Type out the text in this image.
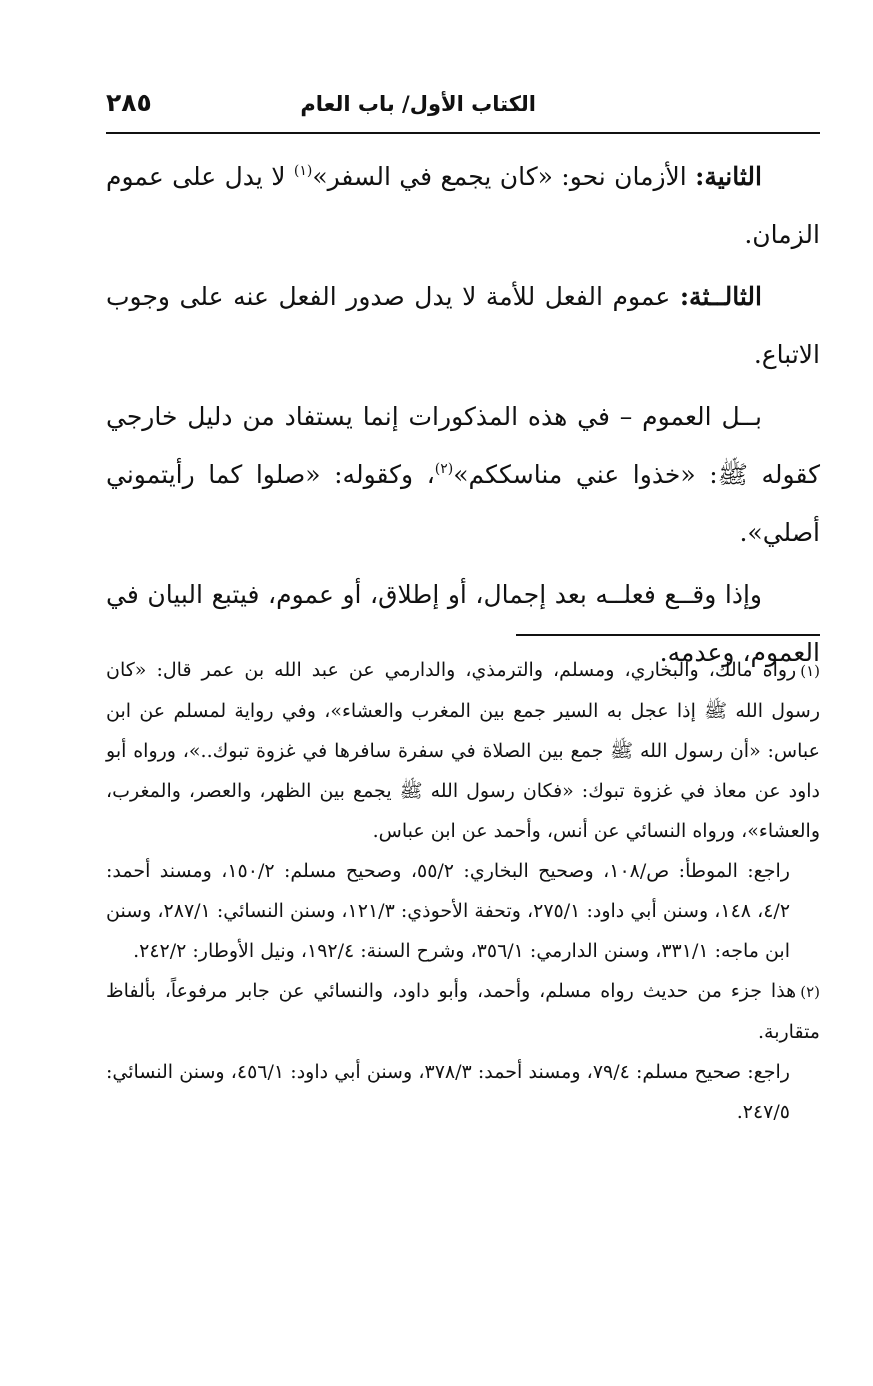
الكتاب الأول/ باب العام
٢٨٥

الثانية: الأزمان نحو: «كان يجمع في السفر»$^{(١)}$ لا يدل على عموم الزمان.

الثالــثة: عموم الفعل للأمة لا يدل صدور الفعل عنه على وجوب الاتباع.

بــل العموم – في هذه المذكورات إنما يستفاد من دليل خارجي كقوله ﷺ: «خذوا عني مناسككم»$^{(٢)}$، وكقوله: «صلوا كما رأيتموني أصلي».

وإذا وقــع فعلــه بعد إجمال، أو إطلاق، أو عموم، فيتبع البيان في العموم، وعدمه.

(١)رواه مالك، والبخاري، ومسلم، والترمذي، والدارمي عن عبد الله بن عمر قال: «كان رسول الله ﷺ إذا عجل به السير جمع بين المغرب والعشاء»، وفي رواية لمسلم عن ابن عباس: «أن رسول الله ﷺ جمع بين الصلاة في سفرة سافرها في غزوة تبوك..»، ورواه أبو داود عن معاذ في غزوة تبوك: «فكان رسول الله ﷺ يجمع بين الظهر، والعصر، والمغرب، والعشاء»، ورواه النسائي عن أنس، وأحمد عن ابن عباس.

راجع: الموطأ: ص/١٠٨، وصحيح البخاري: ٥٥/٢، وصحيح مسلم: ١٥٠/٢، ومسند أحمد: ٤/٢، ١٤٨، وسنن أبي داود: ٢٧٥/١، وتحفة الأحوذي: ١٢١/٣، وسنن النسائي: ٢٨٧/١، وسنن ابن ماجه: ٣٣١/١، وسنن الدارمي: ٣٥٦/١، وشرح السنة: ١٩٢/٤، ونيل الأوطار: ٢٤٢/٢.

(٢)هذا جزء من حديث رواه مسلم، وأحمد، وأبو داود، والنسائي عن جابر مرفوعاً، بألفاظ متقاربة.

راجع: صحيح مسلم: ٧٩/٤، ومسند أحمد: ٣٧٨/٣، وسنن أبي داود: ٤٥٦/١، وسنن النسائي: ٢٤٧/٥.
